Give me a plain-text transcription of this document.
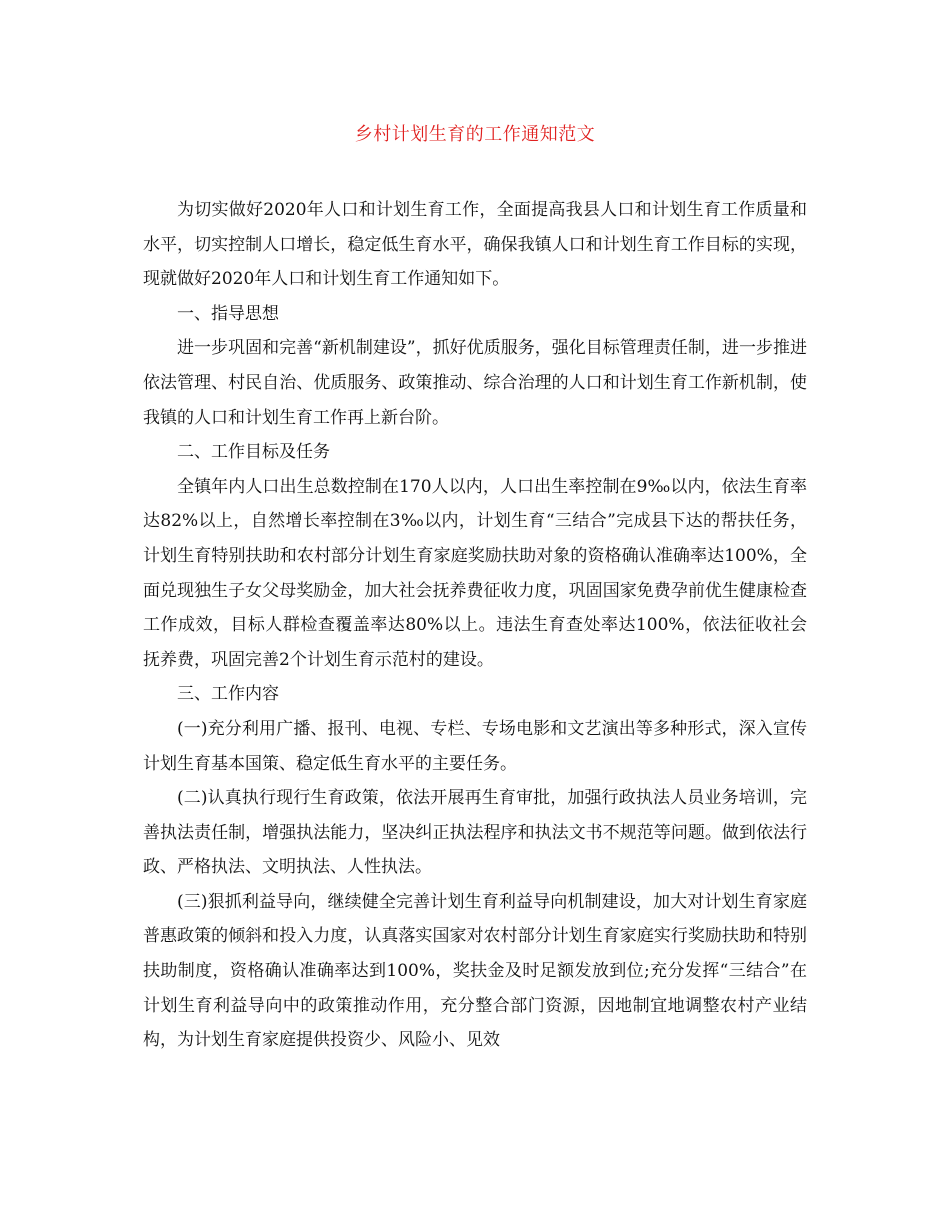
乡村计划生育的工作通知范文

为切实做好2020年人口和计划生育工作，全面提高我县人口和计划生育工作质量和水平，切实控制人口增长，稳定低生育水平，确保我镇人口和计划生育工作目标的实现，现就做好2020年人口和计划生育工作通知如下。

一、指导思想

进一步巩固和完善“新机制建设”，抓好优质服务，强化目标管理责任制，进一步推进依法管理、村民自治、优质服务、政策推动、综合治理的人口和计划生育工作新机制，使我镇的人口和计划生育工作再上新台阶。

二、工作目标及任务

全镇年内人口出生总数控制在170人以内，人口出生率控制在9‰以内，依法生育率达82%以上，自然增长率控制在3‰以内，计划生育“三结合”完成县下达的帮扶任务，计划生育特别扶助和农村部分计划生育家庭奖励扶助对象的资格确认准确率达100%，全面兑现独生子女父母奖励金，加大社会抚养费征收力度，巩固国家免费孕前优生健康检查工作成效，目标人群检查覆盖率达80%以上。违法生育查处率达100%，依法征收社会抚养费，巩固完善2个计划生育示范村的建设。

三、工作内容

(一)充分利用广播、报刊、电视、专栏、专场电影和文艺演出等多种形式，深入宣传计划生育基本国策、稳定低生育水平的主要任务。

(二)认真执行现行生育政策，依法开展再生育审批，加强行政执法人员业务培训，完善执法责任制，增强执法能力，坚决纠正执法程序和执法文书不规范等问题。做到依法行政、严格执法、文明执法、人性执法。

(三)狠抓利益导向，继续健全完善计划生育利益导向机制建设，加大对计划生育家庭普惠政策的倾斜和投入力度，认真落实国家对农村部分计划生育家庭实行奖励扶助和特别扶助制度，资格确认准确率达到100%，奖扶金及时足额发放到位;充分发挥“三结合”在计划生育利益导向中的政策推动作用，充分整合部门资源，因地制宜地调整农村产业结构，为计划生育家庭提供投资少、风险小、见效
